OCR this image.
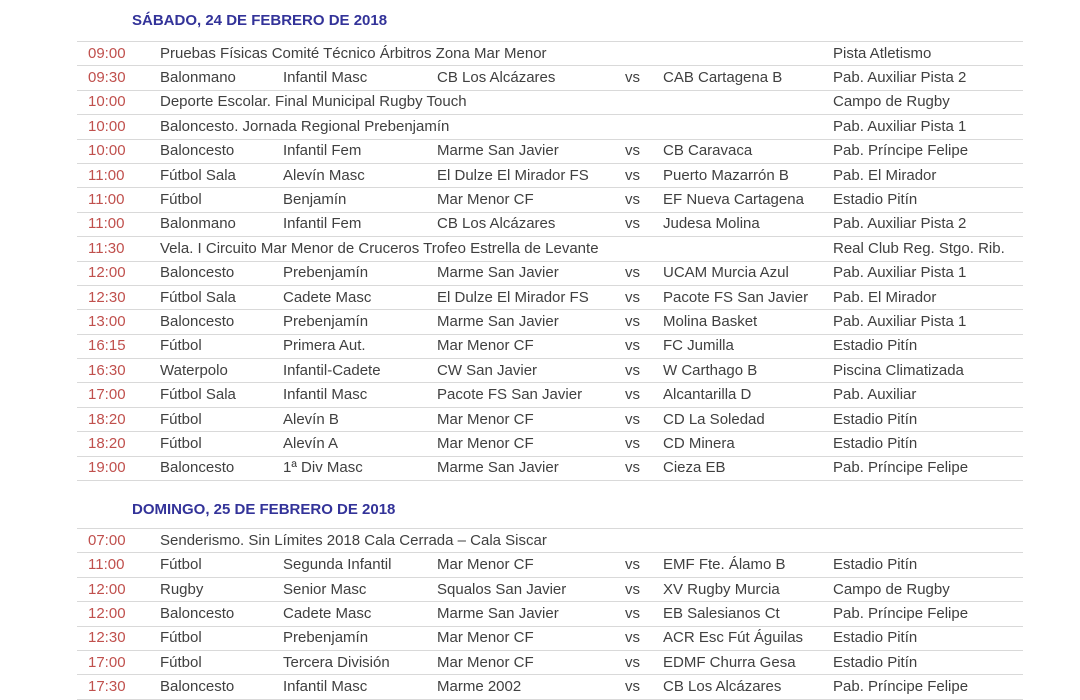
SÁBADO, 24 DE FEBRERO DE 2018
09:00	Pruebas Físicas Comité Técnico Árbitros Zona Mar Menor	Pista Atletismo
09:30	Balonmano	Infantil Masc	CB Los Alcázares	vs	CAB Cartagena B	Pab. Auxiliar Pista 2
10:00	Deporte Escolar. Final Municipal Rugby Touch	Campo de Rugby
10:00	Baloncesto. Jornada Regional Prebenjamín	Pab. Auxiliar Pista 1
10:00	Baloncesto	Infantil Fem	Marme San Javier	vs	CB Caravaca	Pab. Príncipe Felipe
11:00	Fútbol Sala	Alevín Masc	El Dulze El Mirador FS	vs	Puerto Mazarrón B	Pab. El Mirador
11:00	Fútbol	Benjamín	Mar Menor CF	vs	EF Nueva Cartagena	Estadio Pitín
11:00	Balonmano	Infantil Fem	CB Los Alcázares	vs	Judesa Molina	Pab. Auxiliar Pista 2
11:30	Vela. I Circuito Mar Menor de Cruceros Trofeo Estrella de Levante	Real Club Reg. Stgo. Rib.
12:00	Baloncesto	Prebenjamín	Marme San Javier	vs	UCAM Murcia Azul	Pab. Auxiliar Pista 1
12:30	Fútbol Sala	Cadete Masc	El Dulze El Mirador FS	vs	Pacote FS San Javier	Pab. El Mirador
13:00	Baloncesto	Prebenjamín	Marme San Javier	vs	Molina Basket	Pab. Auxiliar Pista 1
16:15	Fútbol	Primera Aut.	Mar Menor CF	vs	FC Jumilla	Estadio Pitín
16:30	Waterpolo	Infantil-Cadete	CW San Javier	vs	W Carthago B	Piscina Climatizada
17:00	Fútbol Sala	Infantil Masc	Pacote FS San Javier	vs	Alcantarilla D	Pab. Auxiliar
18:20	Fútbol	Alevín B	Mar Menor CF	vs	CD La Soledad	Estadio Pitín
18:20	Fútbol	Alevín A	Mar Menor CF	vs	CD Minera	Estadio Pitín
19:00	Baloncesto	1ª Div Masc	Marme San Javier	vs	Cieza EB	Pab. Príncipe Felipe
DOMINGO, 25 DE FEBRERO DE 2018
07:00	Senderismo. Sin Límites 2018 Cala Cerrada – Cala Siscar
11:00	Fútbol	Segunda Infantil	Mar Menor CF	vs	EMF Fte. Álamo B	Estadio Pitín
12:00	Rugby	Senior Masc	Squalos San Javier	vs	XV Rugby Murcia	Campo de Rugby
12:00	Baloncesto	Cadete Masc	Marme San Javier	vs	EB Salesianos Ct	Pab. Príncipe Felipe
12:30	Fútbol	Prebenjamín	Mar Menor CF	vs	ACR Esc Fút Águilas	Estadio Pitín
17:00	Fútbol	Tercera División	Mar Menor CF	vs	EDMF Churra Gesa	Estadio Pitín
17:30	Baloncesto	Infantil Masc	Marme 2002	vs	CB Los Alcázares	Pab. Príncipe Felipe
